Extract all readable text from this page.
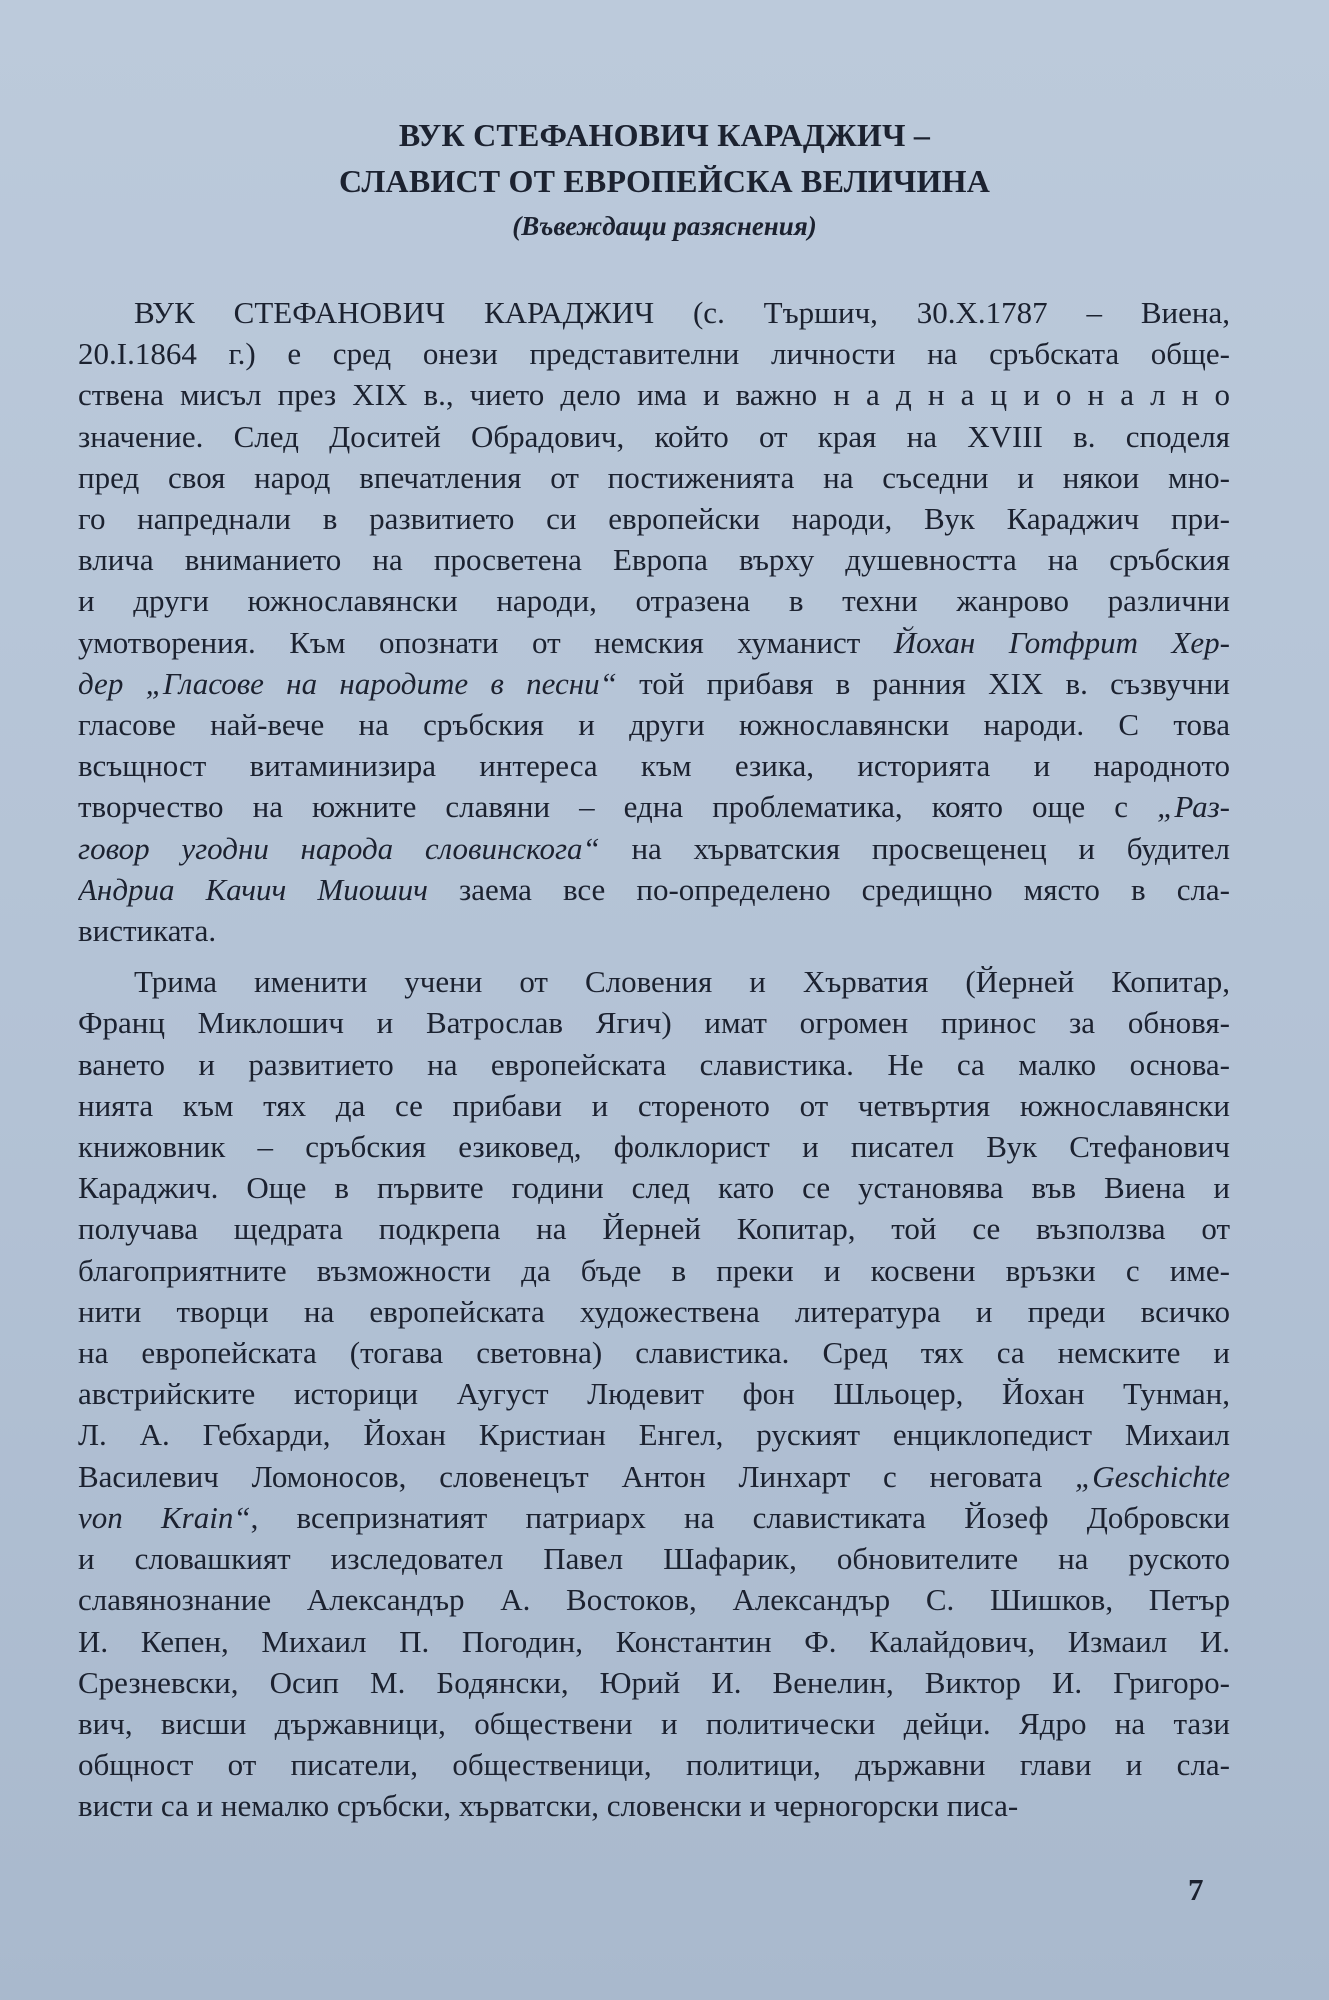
ВУК СТЕФАНОВИЧ КАРАДЖИЧ –
СЛАВИСТ ОТ ЕВРОПЕЙСКА ВЕЛИЧИНА
(Въвеждащи разяснения)
ВУК СТЕФАНОВИЧ КАРАДЖИЧ (с. Тършич, 30.Х.1787 – Виена,
20.І.1864 г.) е сред онези представителни личности на сръбската обще-
ствена мисъл през XIX в., чието дело има и важно н а д н а ц и о н а л н о
значение. След Доситей Обрадович, който от края на XVIII в. споделя
пред своя народ впечатления от постиженията на съседни и някои мно-
го напреднали в развитието си европейски народи, Вук Караджич при-
влича вниманието на просветена Европа върху душевността на сръбския
и други южнославянски народи, отразена в техни жанрово различни
умотворения. Към опознати от немския хуманист Йохан Готфрит Хер-
дер „Гласове на народите в песни“ той прибавя в ранния XIX в. съзвучни
гласове най-вече на сръбския и други южнославянски народи. С това
всъщност витаминизира интереса към езика, историята и народното
творчество на южните славяни – една проблематика, която още с „Раз-
говор угодни народа словинскога“ на хърватския просвещенец и будител
Андриа Качич Миошич заема все по-определено средищно място в сла-
вистиката.
Трима именити учени от Словения и Хърватия (Йерней Копитар,
Франц Миклошич и Ватрослав Ягич) имат огромен принос за обновя-
ването и развитието на европейската славистика. Не са малко основа-
нията към тях да се прибави и стореното от четвъртия южнославянски
книжовник – сръбския езиковед, фолклорист и писател Вук Стефанович
Караджич. Още в първите години след като се установява във Виена и
получава щедрата подкрепа на Йерней Копитар, той се възползва от
благоприятните възможности да бъде в преки и косвени връзки с име-
нити творци на европейската художествена литература и преди всичко
на европейската (тогава световна) славистика. Сред тях са немските и
австрийските историци Аугуст Людевит фон Шльоцер, Йохан Тунман,
Л. А. Гебхарди, Йохан Кристиан Енгел, руският енциклопедист Михаил
Василевич Ломоносов, словенецът Антон Линхарт с неговата „Geschichte
von Krain“, всепризнатият патриарх на славистиката Йозеф Добровски
и словашкият изследовател Павел Шафарик, обновителите на руското
славянознание Александър А. Востоков, Александър С. Шишков, Петър
И. Кепен, Михаил П. Погодин, Константин Ф. Калайдович, Измаил И.
Срезневски, Осип М. Бодянски, Юрий И. Венелин, Виктор И. Григоро-
вич, висши държавници, обществени и политически дейци. Ядро на тази
общност от писатели, общественици, политици, държавни глави и сла-
висти са и немалко сръбски, хърватски, словенски и черногорски писа-
7
